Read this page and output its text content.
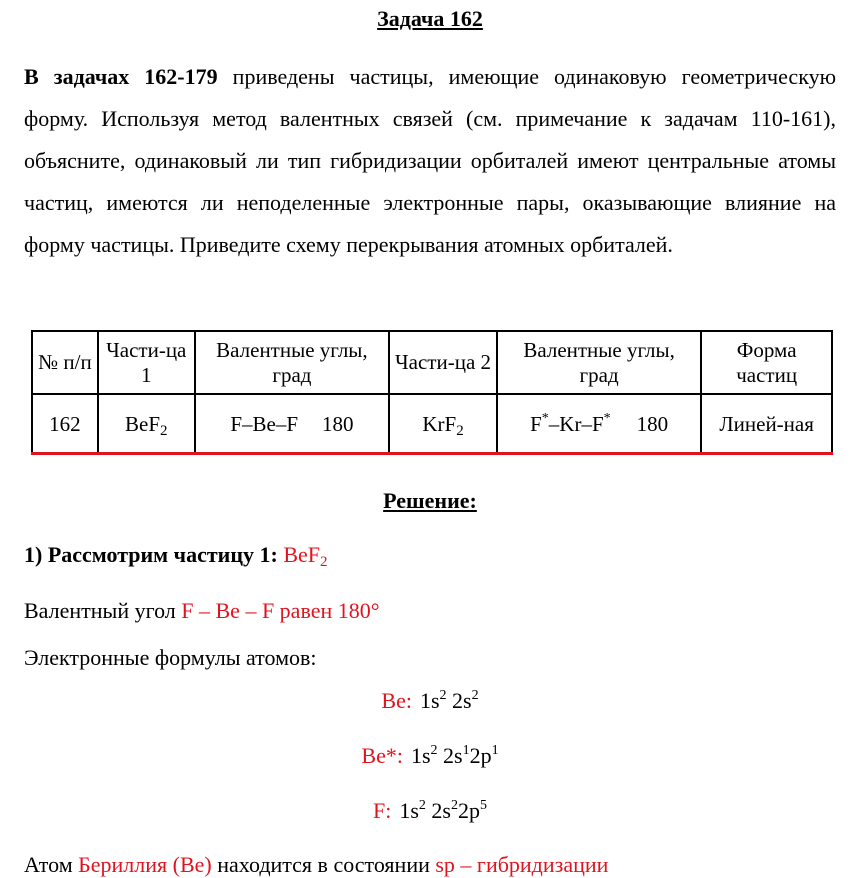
Задача 162
В задачах 162-179 приведены частицы, имеющие одинаковую геометрическую форму. Используя метод валентных связей (см. примечание к задачам 110-161), объясните, одинаковый ли тип гибридизации орбиталей имеют центральные атомы частиц, имеются ли неподеленные электронные пары, оказывающие влияние на форму частицы. Приведите схему перекрывания атомных орбиталей.
№ п/п	Части-ца 1	Валентные углы, град	Части-ца 2	Валентные углы, град	Форма частиц
162	BeF$_2$	F–Be–F 180	KrF$_2$	F*–Kr–F* 180	Линей-ная
Решение:
1) Рассмотрим частицу 1: BeF$_2$
Валентный угол F – Be – F равен 180°
Электронные формулы атомов:
Be: $1s^2$ $2s^2$
Be*: $1s^2$ $2s^12p^1$
F: $1s^2$ $2s^22p^5$
Атом Бериллия (Be) находится в состоянии sp – гибридизации
